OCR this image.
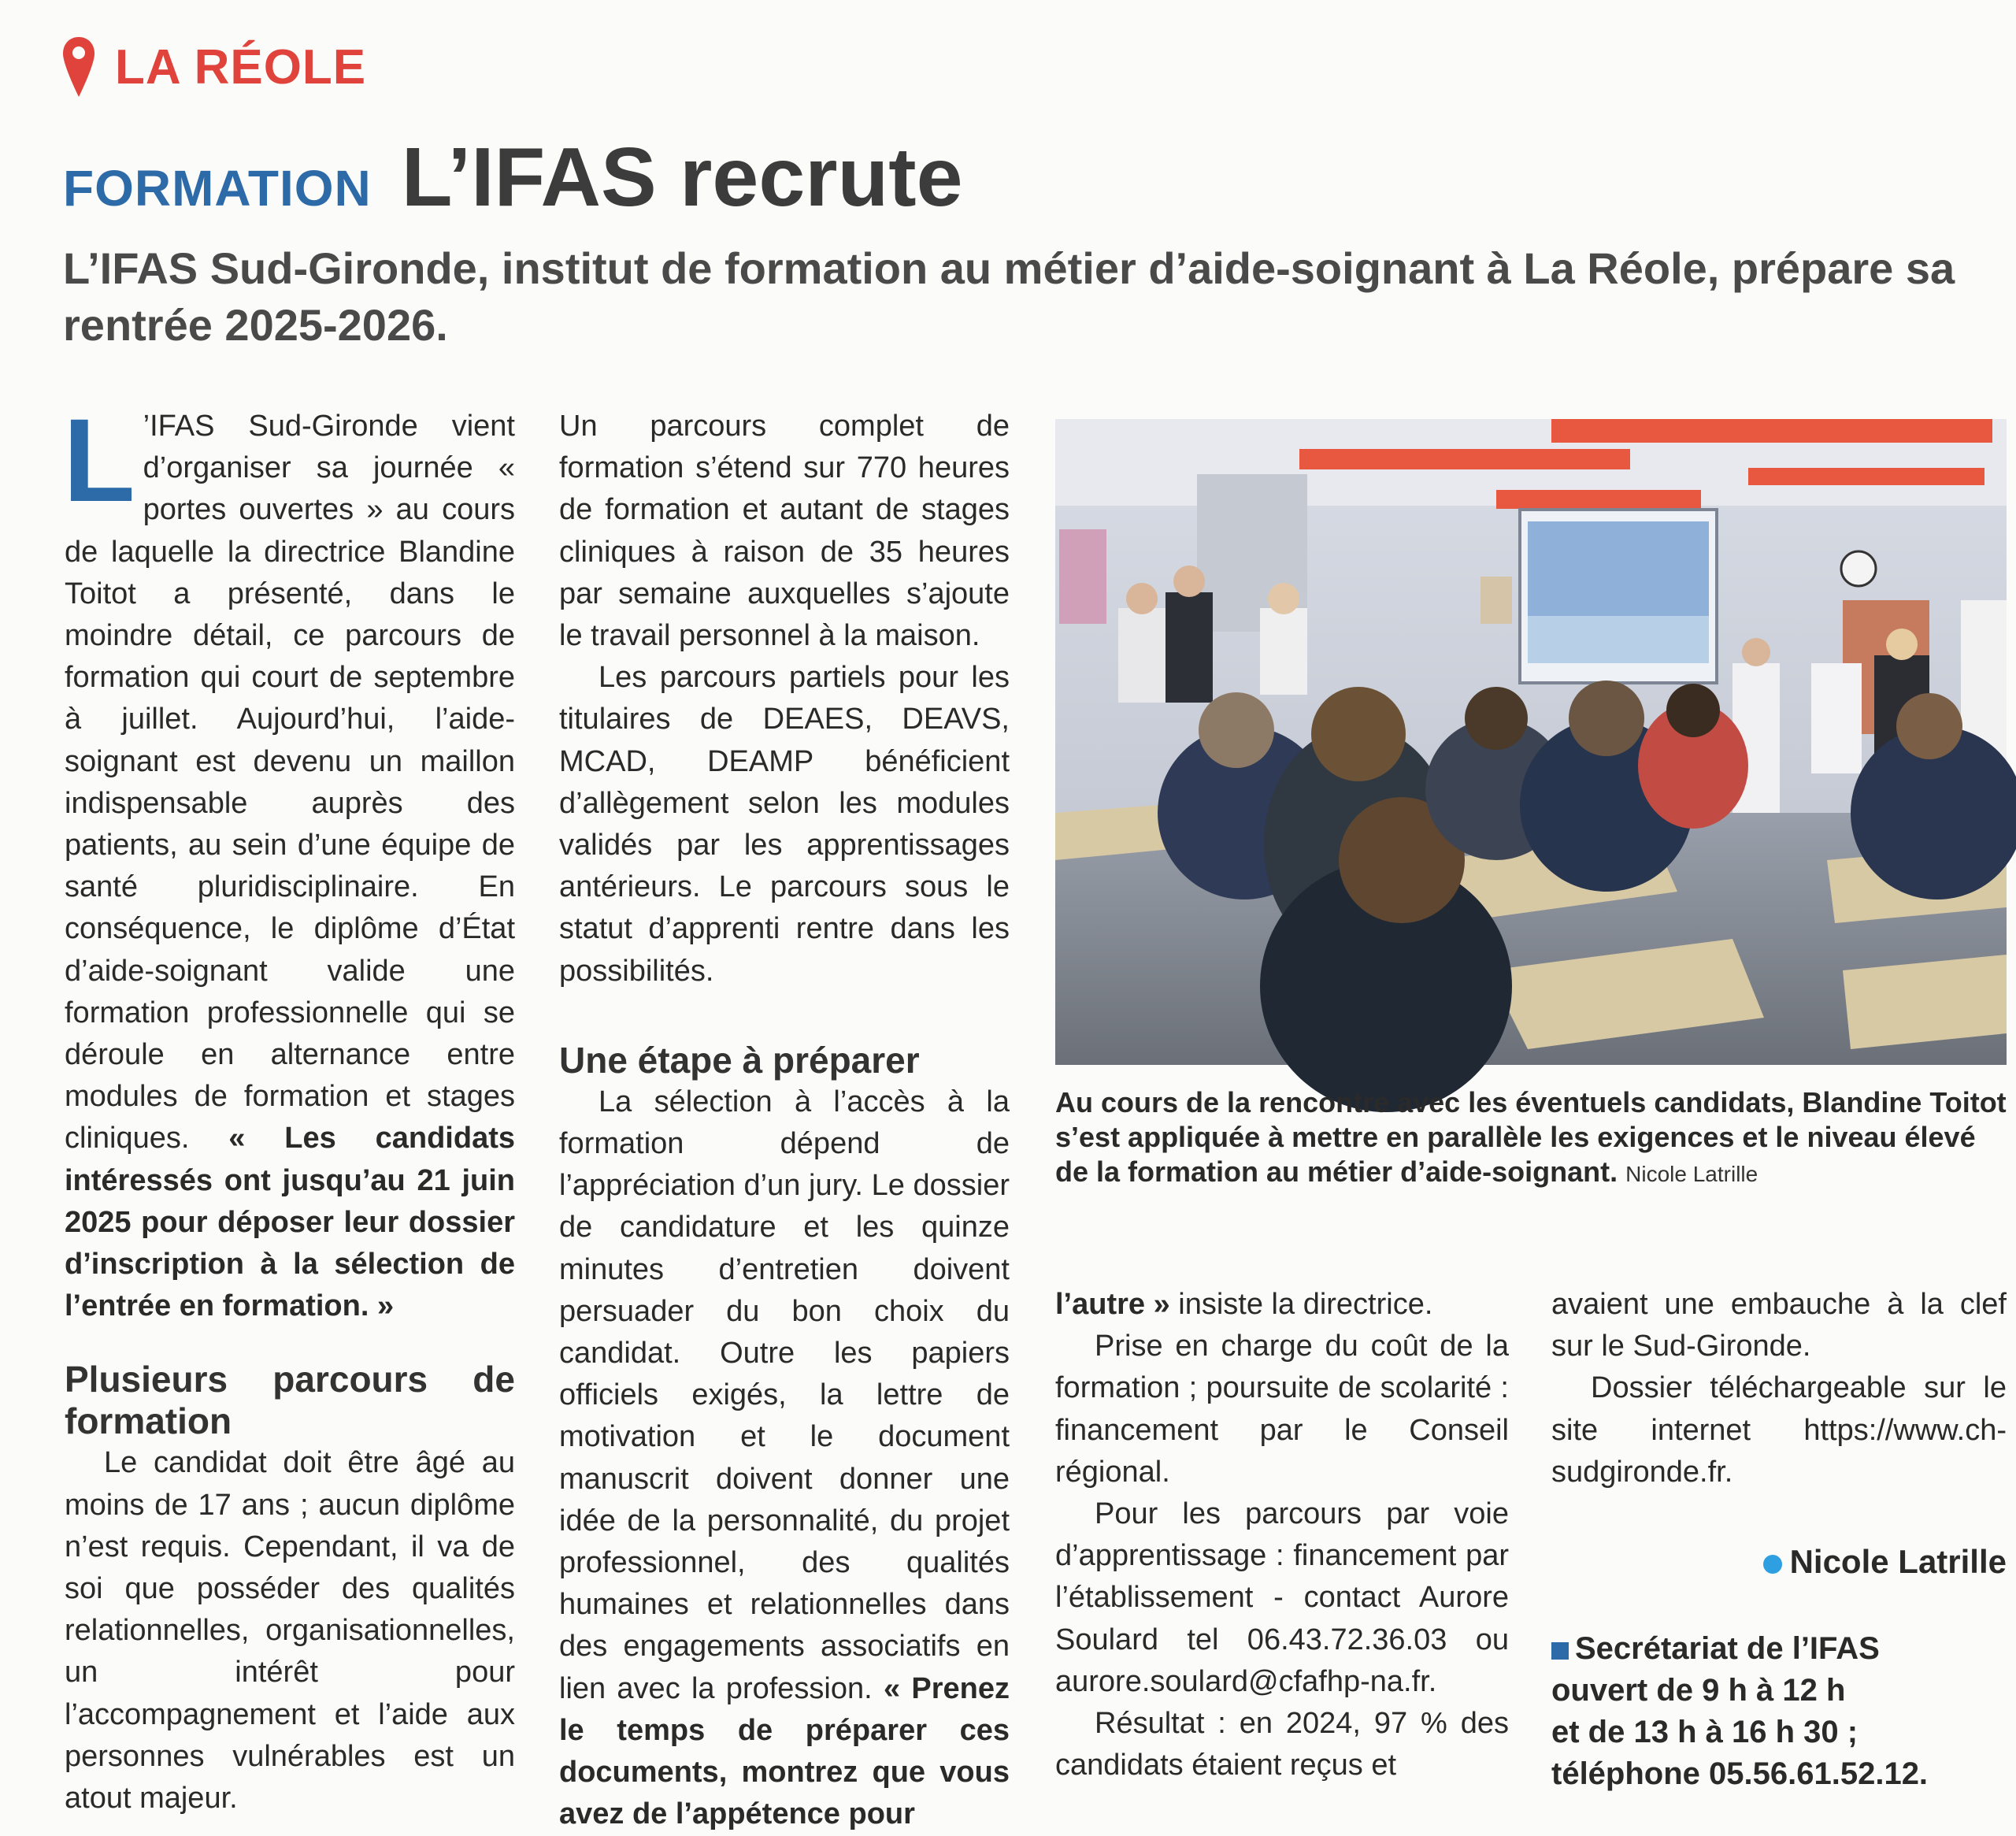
LA RÉOLE
FORMATION L’IFAS recrute
L’IFAS Sud-Gironde, institut de formation au métier d’aide-soignant à La Réole, prépare sa rentrée 2025-2026.

L ’IFAS Sud-Gironde vient d’organiser sa journée « portes ouvertes » au cours de laquelle la directrice Blandine Toitot a présenté, dans le moindre détail, ce parcours de formation qui court de septembre à juillet. Aujourd’hui, l’aide-soignant est devenu un maillon indispensable auprès des patients, au sein d’une équipe de santé pluridisciplinaire. En conséquence, le diplôme d’État d’aide-soignant valide une formation professionnelle qui se déroule en alternance entre modules de formation et stages cliniques. « Les candidats intéressés ont jusqu’au 21 juin 2025 pour déposer leur dossier d’inscription à la sélection de l’entrée en formation. »

Plusieurs parcours de formation

Le candidat doit être âgé au moins de 17 ans ; aucun diplôme n’est requis. Cependant, il va de soi que posséder des qualités relationnelles, organisationnelles, un intérêt pour l’accompagnement et l’aide aux personnes vulnérables est un atout majeur.

Un parcours complet de formation s’étend sur 770 heures de formation et autant de stages cliniques à raison de 35 heures par semaine auxquelles s’ajoute le travail personnel à la maison.

Les parcours partiels pour les titulaires de DEAES, DEAVS, MCAD, DEAMP bénéficient d’allègement selon les modules validés par les apprentissages antérieurs. Le parcours sous le statut d’apprenti rentre dans les possibilités.

Une étape à préparer

La sélection à l’accès à la formation dépend de l’appréciation d’un jury. Le dossier de candidature et les quinze minutes d’entretien doivent persuader du bon choix du candidat. Outre les papiers officiels exigés, la lettre de motivation et le document manuscrit doivent donner une idée de la personnalité, du projet professionnel, des qualités humaines et relationnelles dans des engagements associatifs en lien avec la profession. « Prenez le temps de préparer ces documents, montrez que vous avez de l’appétence pour

Au cours de la rencontre avec les éventuels candidats, Blandine Toitot s’est appliquée à mettre en parallèle les exigences et le niveau élevé de la formation au métier d’aide-soignant. Nicole Latrille

l’autre » insiste la directrice.

Prise en charge du coût de la formation ; poursuite de scolarité : financement par le Conseil régional.

Pour les parcours par voie d’apprentissage : financement par l’établissement - contact Aurore Soulard tel 06.43.72.36.03 ou aurore.soulard@cfafhp-na.fr.

Résultat : en 2024, 97 % des candidats étaient reçus et

avaient une embauche à la clef sur le Sud-Gironde.

Dossier téléchargeable sur le site internet https://www.ch-sudgironde.fr.

Nicole Latrille
Secrétariat de l’IFAS
ouvert de 9 h à 12 h
et de 13 h à 16 h 30 ;
téléphone 05.56.61.52.12.
